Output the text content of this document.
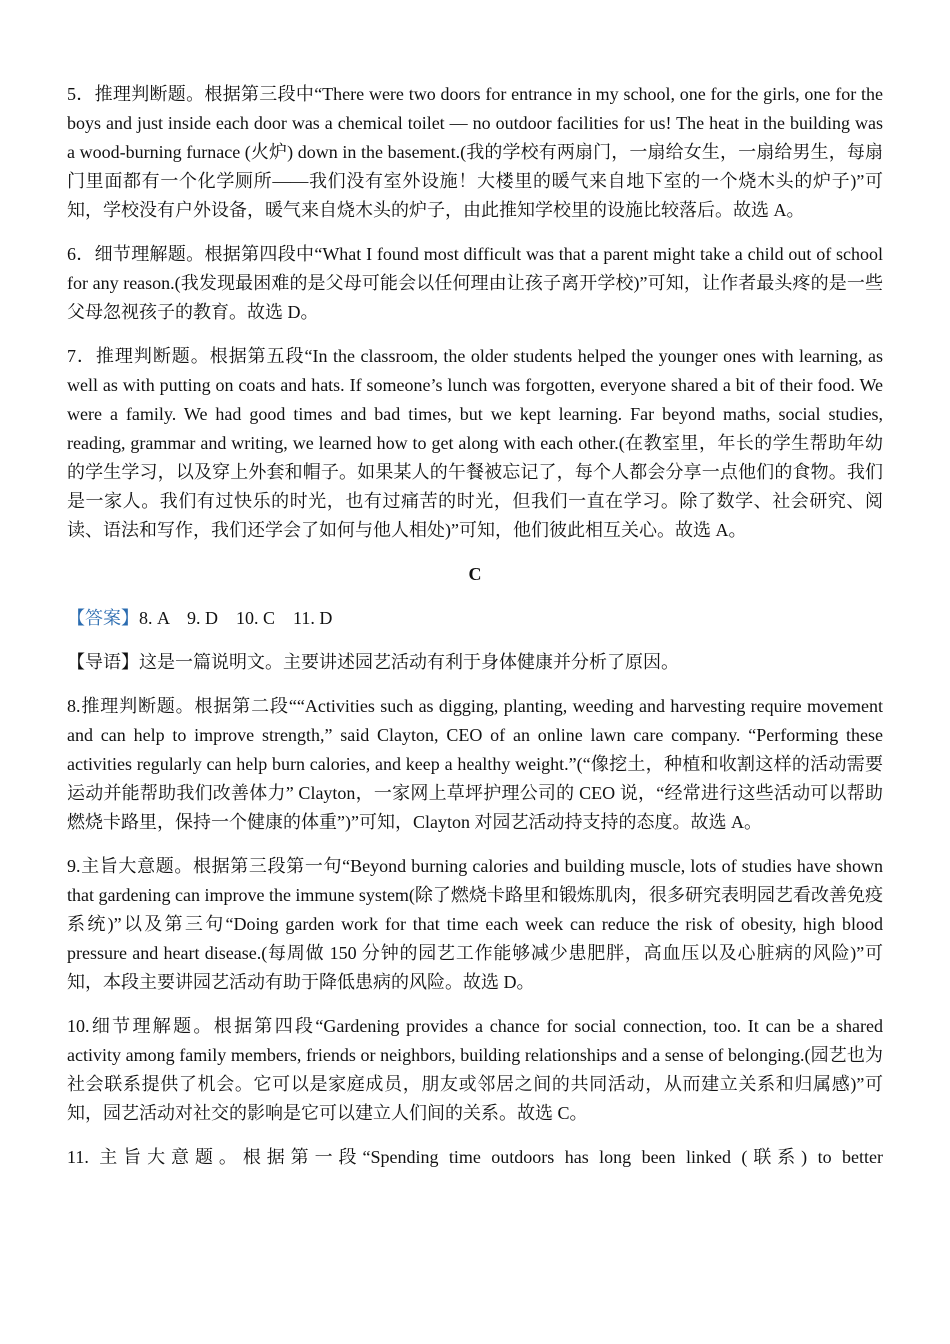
5．推理判断题。根据第三段中“There were two doors for entrance in my school, one for the girls, one for the boys and just inside each door was a chemical toilet — no outdoor facilities for us! The heat in the building was a wood-burning furnace (火炉) down in the basement.(我的学校有两扇门，一扇给女生，一扇给男生，每扇门里面都有一个化学厕所——我们没有室外设施！大楼里的暖气来自地下室的一个烧木头的炉子)”可知，学校没有户外设备，暖气来自烧木头的炉子，由此推知学校里的设施比较落后。故选 A。

6．细节理解题。根据第四段中“What I found most difficult was that a parent might take a child out of school for any reason.(我发现最困难的是父母可能会以任何理由让孩子离开学校)”可知，让作者最头疼的是一些父母忽视孩子的教育。故选 D。

7．推理判断题。根据第五段“In the classroom, the older students helped the younger ones with learning, as well as with putting on coats and hats. If someone’s lunch was forgotten, everyone shared a bit of their food. We were a family. We had good times and bad times, but we kept learning. Far beyond maths, social studies, reading, grammar and writing, we learned how to get along with each other.(在教室里，年长的学生帮助年幼的学生学习，以及穿上外套和帽子。如果某人的午餐被忘记了，每个人都会分享一点他们的食物。我们是一家人。我们有过快乐的时光，也有过痛苦的时光，但我们一直在学习。除了数学、社会研究、阅读、语法和写作，我们还学会了如何与他人相处)”可知，他们彼此相互关心。故选 A。

C

【答案】8. A    9. D    10. C    11. D

【导语】这是一篇说明文。主要讲述园艺活动有利于身体健康并分析了原因。

8.推理判断题。根据第二段““Activities such as digging, planting, weeding and harvesting require movement and can help to improve strength,” said Clayton, CEO of an online lawn care company. “Performing these activities regularly can help burn calories, and keep a healthy weight.”(“像挖土，种植和收割这样的活动需要运动并能帮助我们改善体力” Clayton，一家网上草坪护理公司的 CEO 说，“经常进行这些活动可以帮助燃烧卡路里，保持一个健康的体重”)”可知，Clayton 对园艺活动持支持的态度。故选 A。

9.主旨大意题。根据第三段第一句“Beyond burning calories and building muscle, lots of studies have shown that gardening can improve the immune system(除了燃烧卡路里和锻炼肌肉，很多研究表明园艺看改善免疫系统)”以及第三句“Doing garden work for that time each week can reduce the risk of obesity, high blood pressure and heart disease.(每周做 150 分钟的园艺工作能够减少患肥胖，高血压以及心脏病的风险)”可知，本段主要讲园艺活动有助于降低患病的风险。故选 D。

10.细节理解题。根据第四段“Gardening provides a chance for social connection, too. It can be a shared activity among family members, friends or neighbors, building relationships and a sense of belonging.(园艺也为社会联系提供了机会。它可以是家庭成员，朋友或邻居之间的共同活动，从而建立关系和归属感)”可知，园艺活动对社交的影响是它可以建立人们间的关系。故选 C。

11. 主旨大意题。根据第一段“Spending time outdoors has long been linked (联系) to better
